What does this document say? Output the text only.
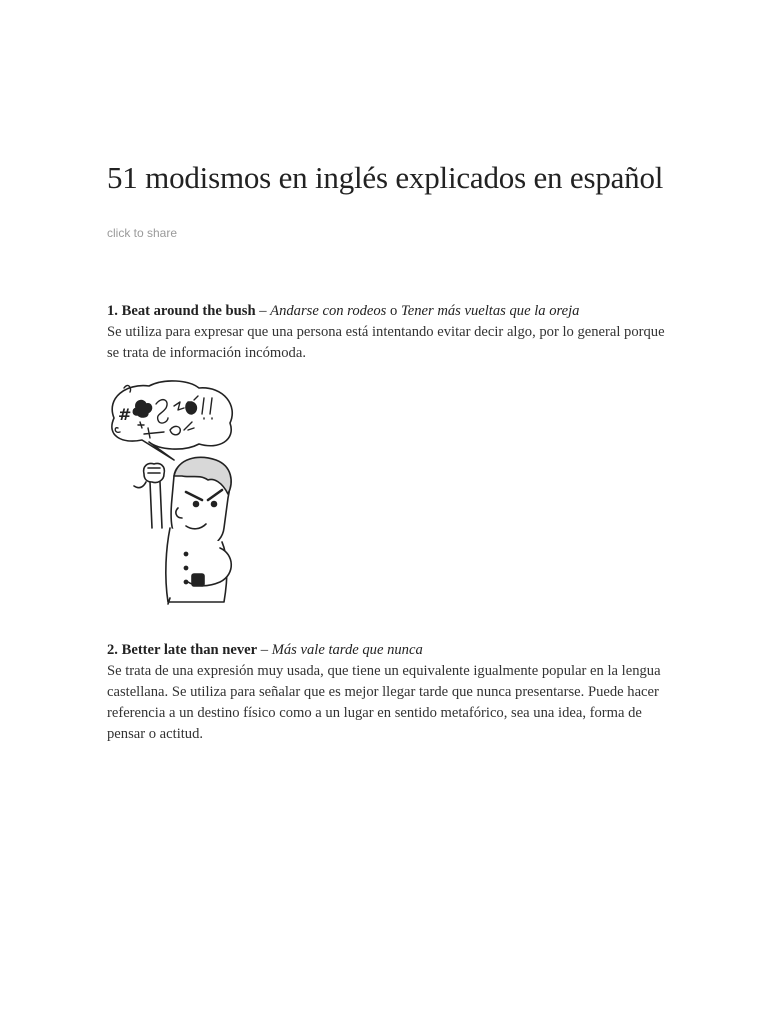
51 modismos en inglés explicados en español
click to share

1. Beat around the bush – Andarse con rodeos o Tener más vueltas que la oreja

Se utiliza para expresar que una persona está intentando evitar decir algo, por lo general porque se trata de información incómoda.

#

2. Better late than never – Más vale tarde que nunca

Se trata de una expresión muy usada, que tiene un equivalente igualmente popular en la lengua castellana. Se utiliza para señalar que es mejor llegar tarde que nunca presentarse. Puede hacer referencia a un destino físico como a un lugar en sentido metafórico, sea una idea, forma de pensar o actitud.
